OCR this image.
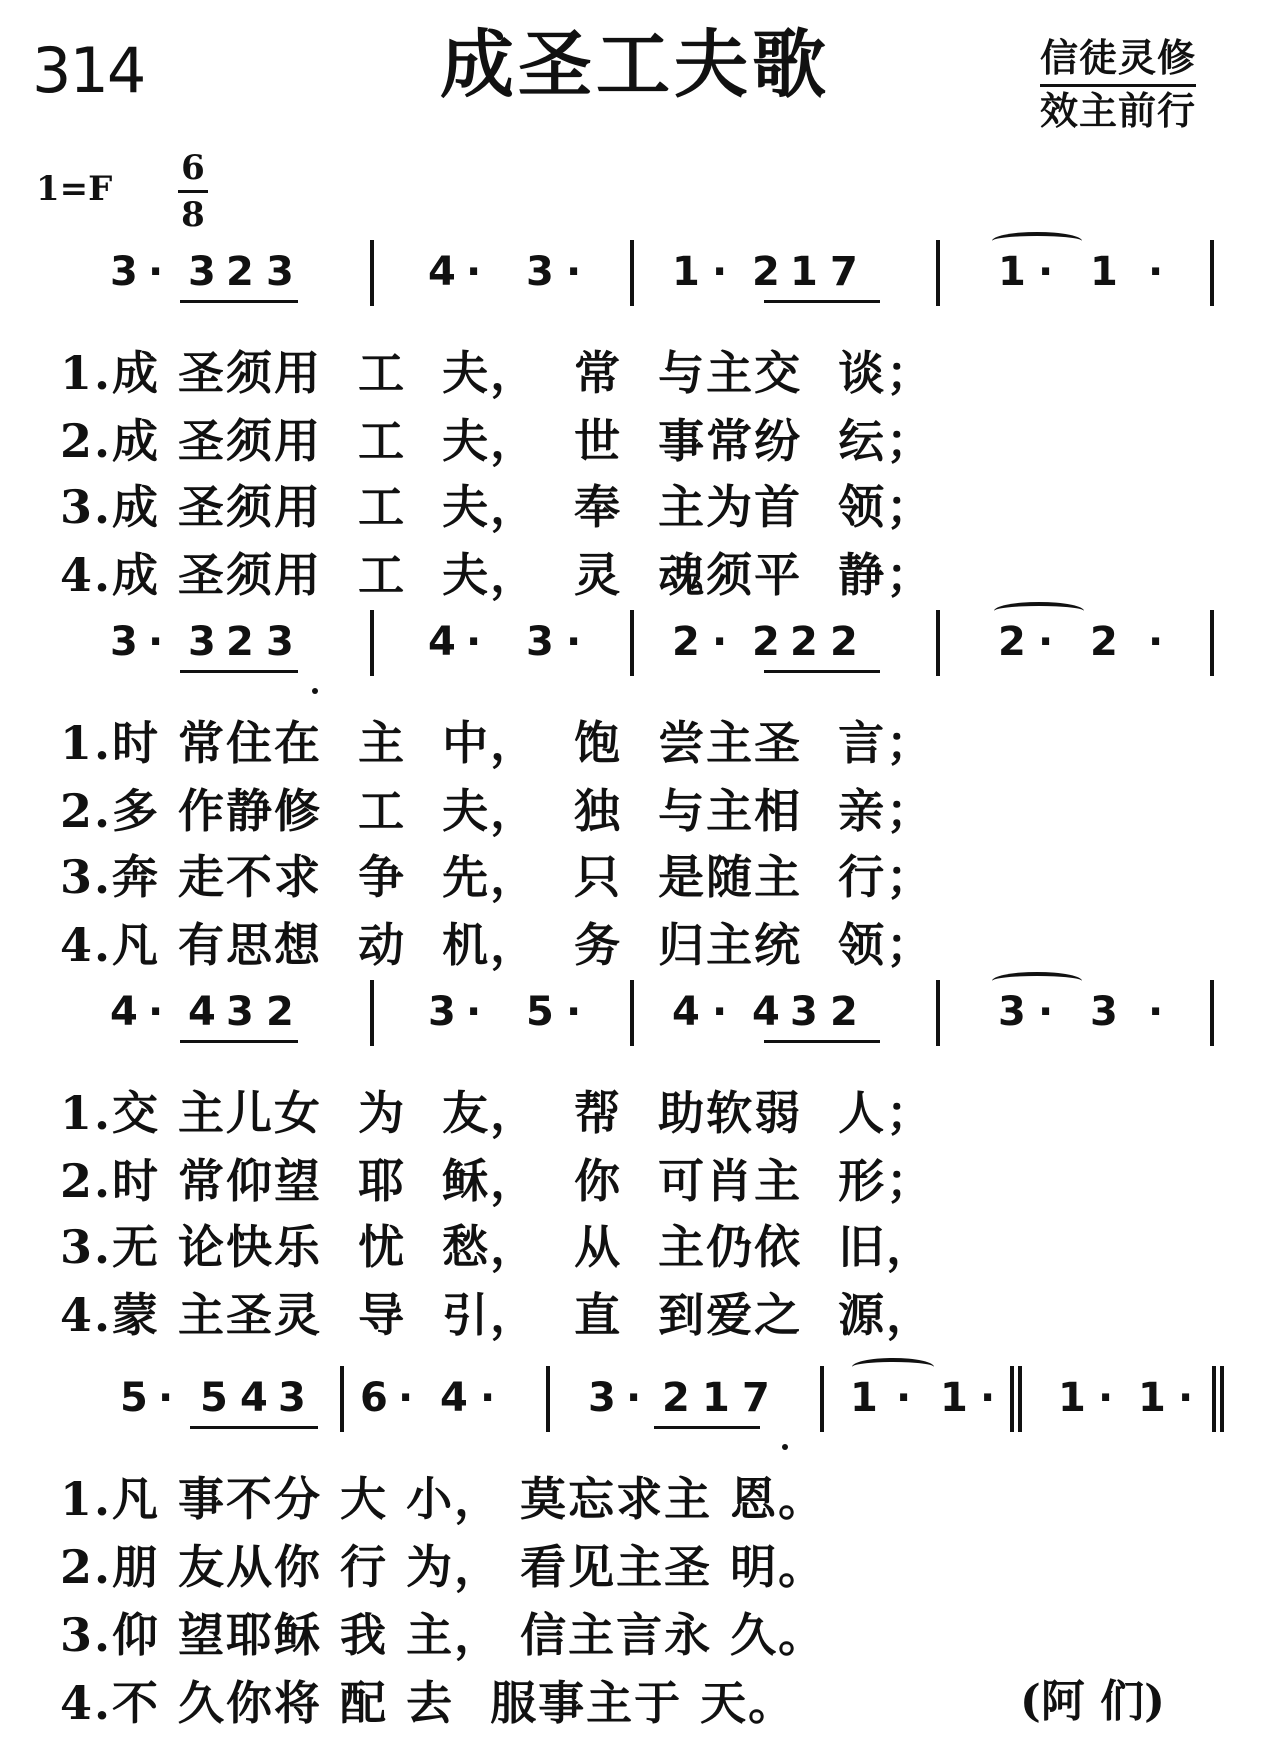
314	成圣工夫歌	信徒灵修
效主前行
1=F
6
8
3 · 3 2 3	4 · 3 · 1 · 2 1 7	1 · 1 ·
1.成 圣须用  工  夫，  常  与主交  谈；
2.成 圣须用  工  夫，  世  事常纷  纭；
3.成 圣须用  工  夫，  奉  主为首  领；
4.成 圣须用  工  夫，  灵  魂须平  静；
3 · 3 2 3	4 · 3 · 2 · 2 2 2	2 · 2 ·
1.时 常住在  主  中，  饱  尝主圣  言；
2.多 作静修  工  夫，  独  与主相  亲；
3.奔 走不求  争  先，  只  是随主  行；
4.凡 有思想  动  机，  务  归主统  领；
4 · 4 3 2	3 · 5 · 4 · 4 3 2	3 · 3 ·
1.交 主儿女  为  友，  帮  助软弱  人；
2.时 常仰望  耶  稣，  你  可肖主  形；
3.无 论快乐  忧  愁，  从  主仍依  旧，
4.蒙 主圣灵  导  引，  直  到爱之  源，
5 · 5 4 3 6 · 4 · 3 · 2 1 7 1 · 1 · 1 · 1 ·
1.凡 事不分 大 小， 莫忘求主 恩。
2.朋 友从你 行 为， 看见主圣 明。
3.仰 望耶稣 我 主， 信主言永 久。
4.不 久你将 配 去  服事主于 天。	(阿 们)
